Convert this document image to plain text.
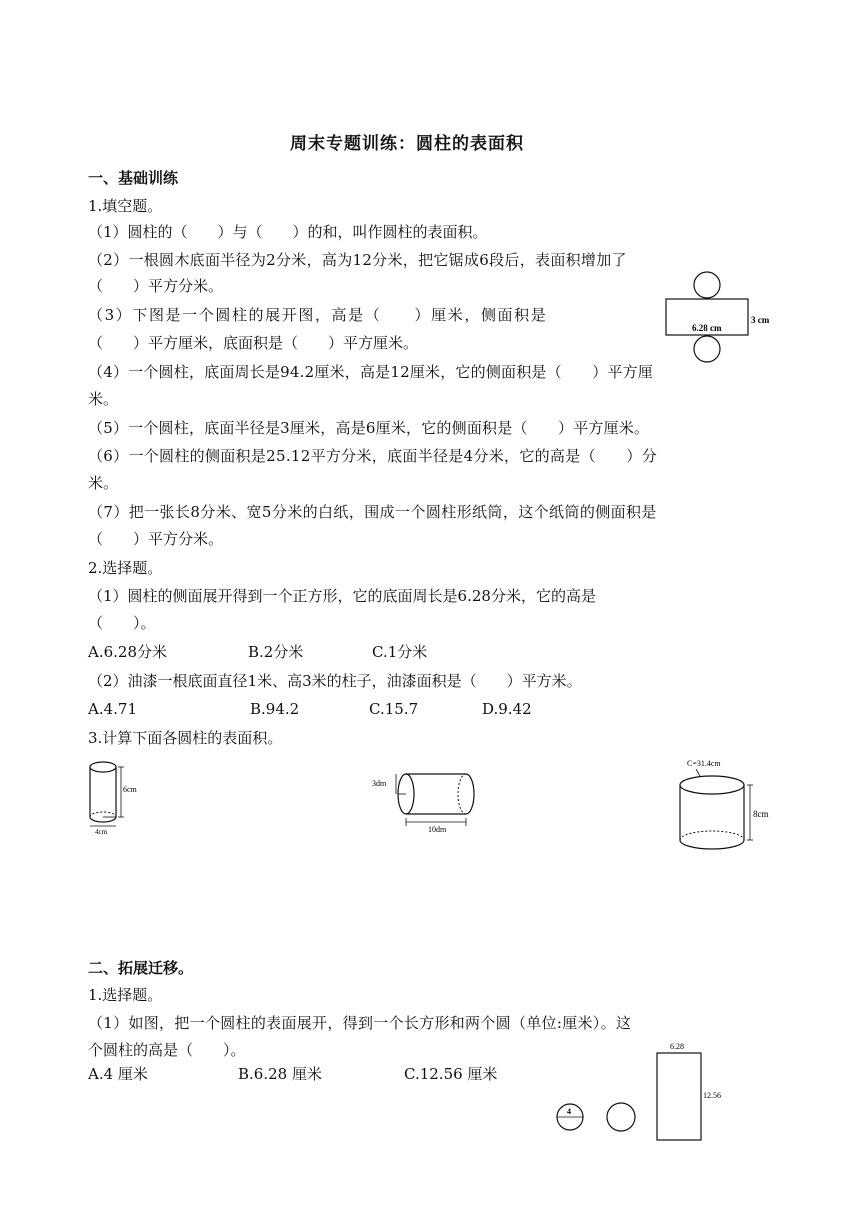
周末专题训练：圆柱的表面积
一、基础训练
1.填空题。
（1）圆柱的（　　）与（　　）的和，叫作圆柱的表面积。
（2）一根圆木底面半径为2分米，高为12分米，把它锯成6段后，表面积增加了
（　　）平方分米。
（3）下图是一个圆柱的展开图，高是（　　）厘米，侧面积是
（　　）平方厘米，底面积是（　　）平方厘米。
6.28 cm
3 cm
（4）一个圆柱，底面周长是94.2厘米，高是12厘米，它的侧面积是（　　）平方厘
米。
（5）一个圆柱，底面半径是3厘米，高是6厘米，它的侧面积是（　　）平方厘米。
（6）一个圆柱的侧面积是25.12平方分米，底面半径是4分米，它的高是（　　）分
米。
（7）把一张长8分米、宽5分米的白纸，围成一个圆柱形纸筒，这个纸筒的侧面积是
（　　）平方分米。
2.选择题。
（1）圆柱的侧面展开得到一个正方形，它的底面周长是6.28分米，它的高是
（　　）。
A.6.28分米	B.2分米	C.1分米
（2）油漆一根底面直径1米、高3米的柱子，油漆面积是（　　）平方米。
A.4.71	B.94.2	C.15.7	D.9.42
3.计算下面各圆柱的表面积。
6cm
4cm
3dm
10dm
C=31.4cm
8cm
二、拓展迁移。
1.选择题。
（1）如图，把一个圆柱的表面展开，得到一个长方形和两个圆（单位:厘米）。这
个圆柱的高是（　　）。
A.4 厘米	B.6.28 厘米	C.12.56 厘米
4
6.28
12.56
